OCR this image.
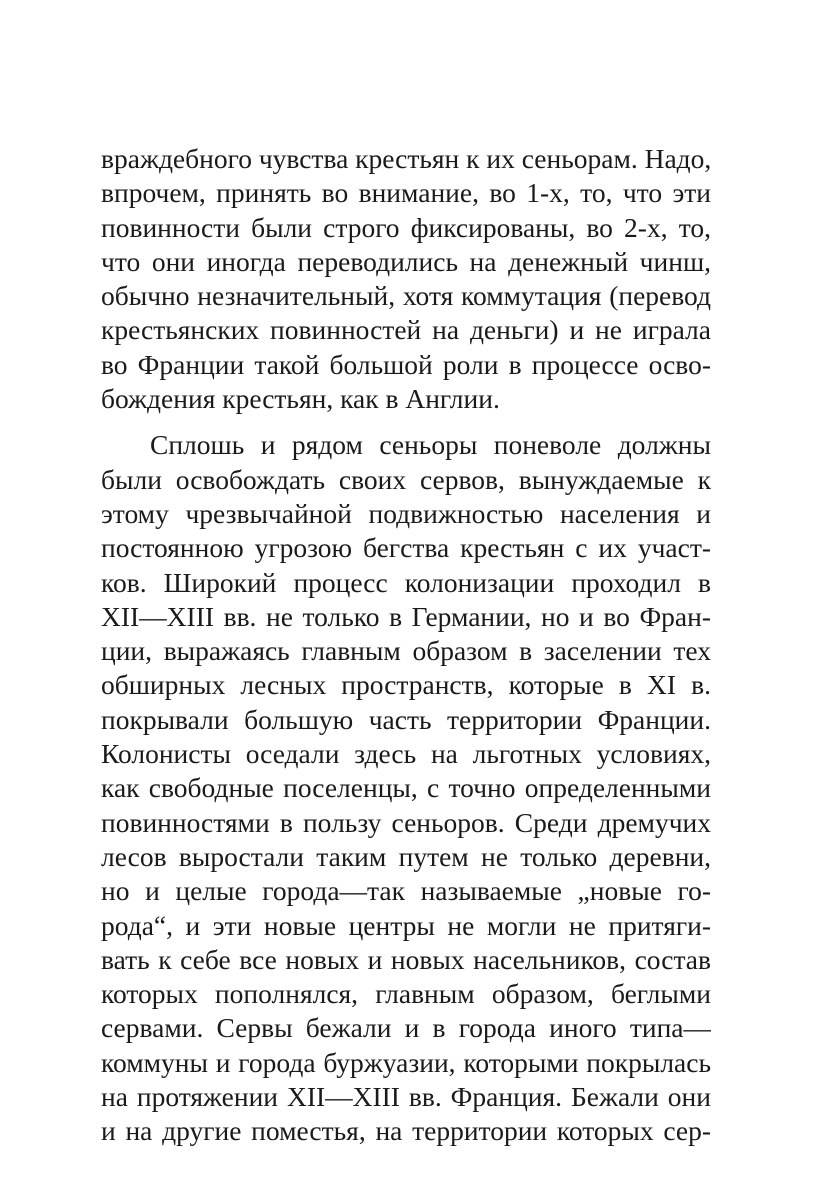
враждебного чувства крестьян к их сеньорам. Надо,
впрочем, принять во внимание, во 1-х, то, что эти
повинности были строго фиксированы, во 2-х, то,
что они иногда переводились на денежный чинш,
обычно незначительный, хотя коммутация (перевод
крестьянских повинностей на деньги) и не играла
во Франции такой большой роли в процессе осво-
бождения крестьян, как в Англии.
Сплошь и рядом сеньоры поневоле должны
были освобождать своих сервов, вынуждаемые к
этому чрезвычайной подвижностью населения и
постоянною угрозою бегства крестьян с их участ-
ков. Широкий процесс колонизации проходил в
XII—XIII вв. не только в Германии, но и во Фран-
ции, выражаясь главным образом в заселении тех
обширных лесных пространств, которые в XI в.
покрывали большую часть территории Франции.
Колонисты оседали здесь на льготных условиях,
как свободные поселенцы, с точно определенными
повинностями в пользу сеньоров. Среди дремучих
лесов выростали таким путем не только деревни,
но и целые города—так называемые „новые го-
рода“, и эти новые центры не могли не притяги-
вать к себе все новых и новых насельников, состав
которых пополнялся, главным образом, беглыми
сервами. Сервы бежали и в города иного типа—
коммуны и города буржуазии, которыми покрылась
на протяжении XII—XIII вв. Франция. Бежали они
и на другие поместья, на территории которых сер-
